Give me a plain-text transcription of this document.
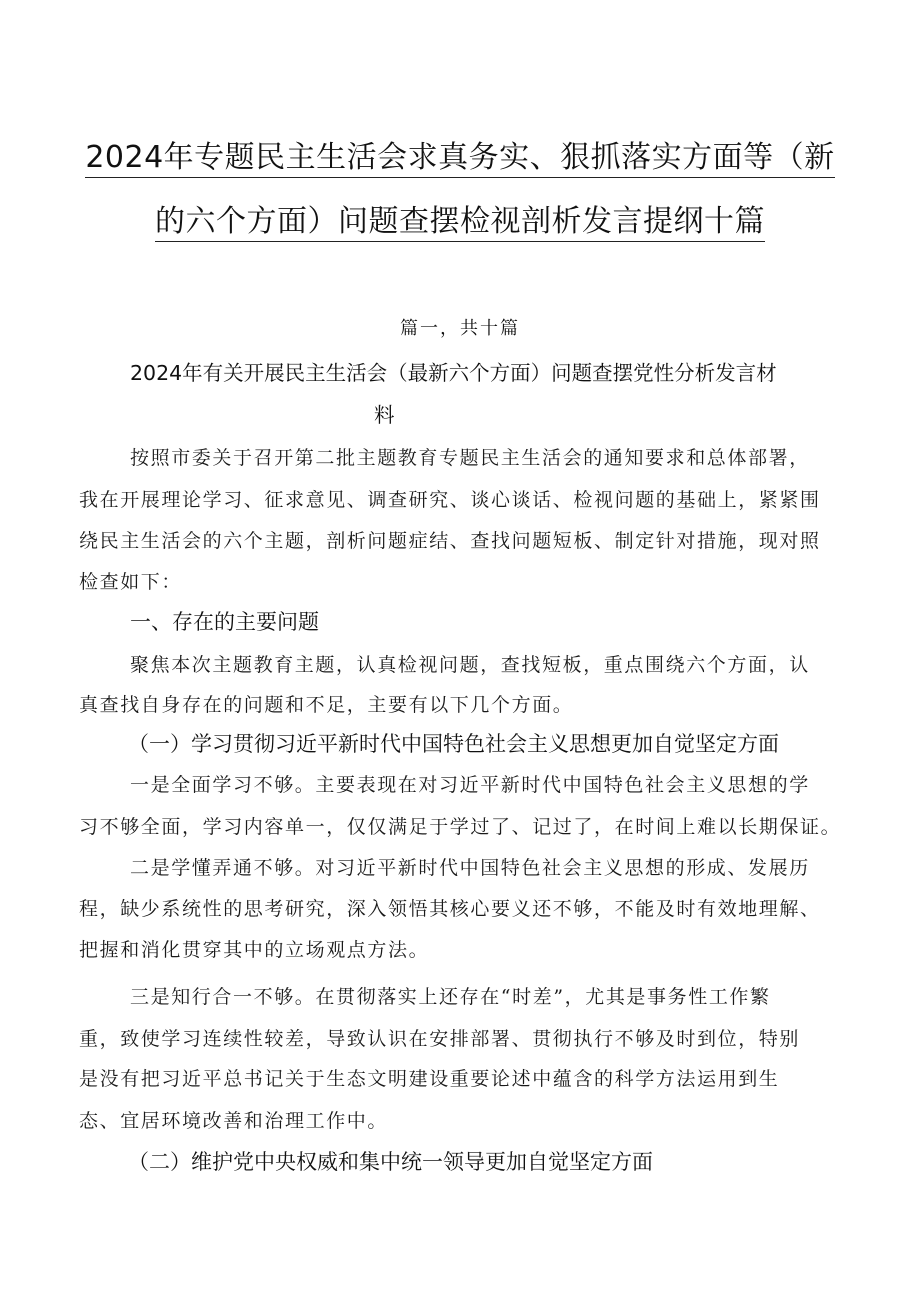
2024年专题民主生活会求真务实、狠抓落实方面等（新
的六个方面）问题查摆检视剖析发言提纲十篇
篇一，共十篇
2024年有关开展民主生活会（最新六个方面）问题查摆党性分析发言材
料
按照市委关于召开第二批主题教育专题民主生活会的通知要求和总体部署，
我在开展理论学习、征求意见、调查研究、谈心谈话、检视问题的基础上，紧紧围
绕民主生活会的六个主题，剖析问题症结、查找问题短板、制定针对措施，现对照
检查如下：
一、存在的主要问题
聚焦本次主题教育主题，认真检视问题，查找短板，重点围绕六个方面，认
真查找自身存在的问题和不足，主要有以下几个方面。
（一）学习贯彻习近平新时代中国特色社会主义思想更加自觉坚定方面
一是全面学习不够。主要表现在对习近平新时代中国特色社会主义思想的学
习不够全面，学习内容单一，仅仅满足于学过了、记过了，在时间上难以长期保证。
二是学懂弄通不够。对习近平新时代中国特色社会主义思想的形成、发展历
程，缺少系统性的思考研究，深入领悟其核心要义还不够，不能及时有效地理解、
把握和消化贯穿其中的立场观点方法。
三是知行合一不够。在贯彻落实上还存在“时差”，尤其是事务性工作繁
重，致使学习连续性较差，导致认识在安排部署、贯彻执行不够及时到位，特别
是没有把习近平总书记关于生态文明建设重要论述中蕴含的科学方法运用到生
态、宜居环境改善和治理工作中。
（二）维护党中央权威和集中统一领导更加自觉坚定方面
